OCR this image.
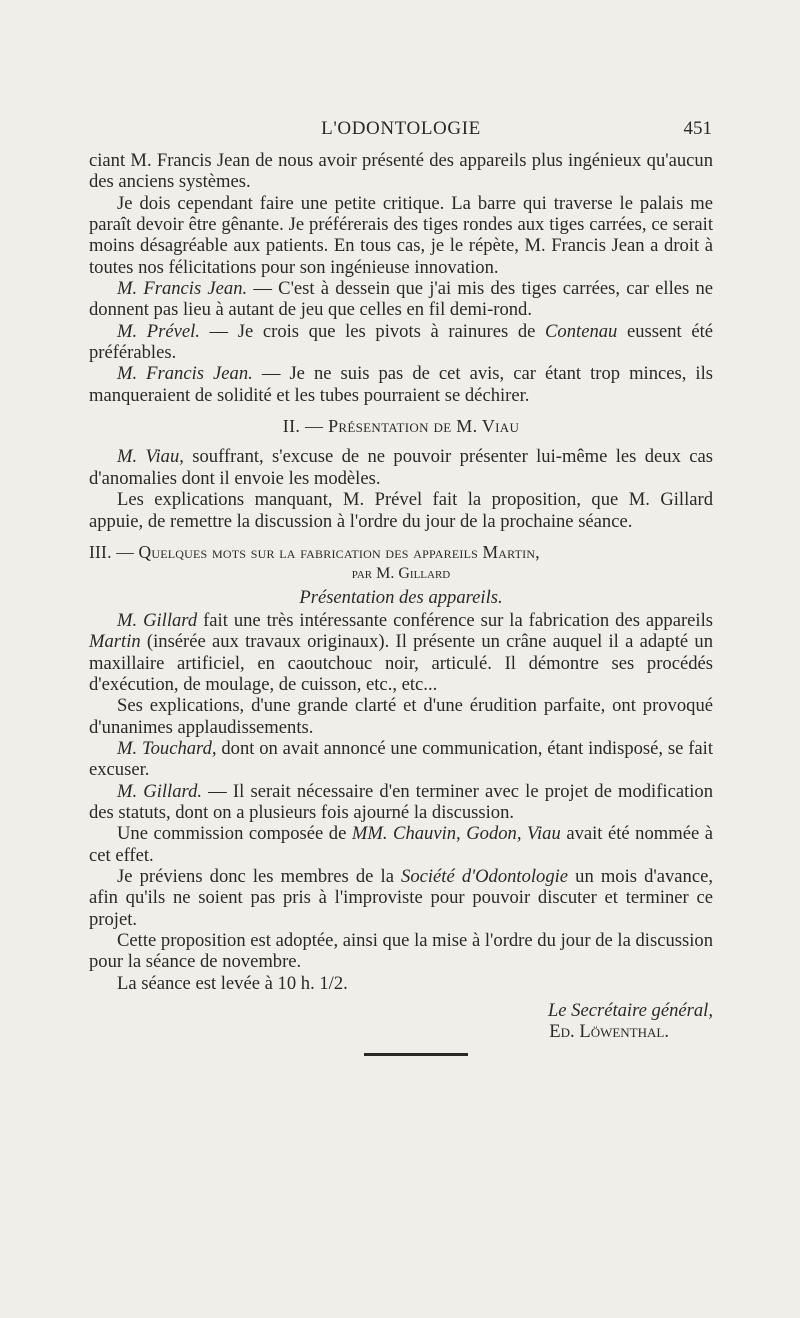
L'ODONTOLOGIE	451

ciant M. Francis Jean de nous avoir présenté des appareils plus ingénieux qu'aucun des anciens systèmes.

Je dois cependant faire une petite critique. La barre qui traverse le palais me paraît devoir être gênante. Je préférerais des tiges rondes aux tiges carrées, ce serait moins désagréable aux patients. En tous cas, je le répète, M. Francis Jean a droit à toutes nos félicitations pour son ingénieuse innovation.

M. Francis Jean. — C'est à dessein que j'ai mis des tiges carrées, car elles ne donnent pas lieu à autant de jeu que celles en fil demi-rond.

M. Prével. — Je crois que les pivots à rainures de Contenau eussent été préférables.

M. Francis Jean. — Je ne suis pas de cet avis, car étant trop minces, ils manqueraient de solidité et les tubes pourraient se déchirer.

II. — Présentation de M. Viau

M. Viau, souffrant, s'excuse de ne pouvoir présenter lui-même les deux cas d'anomalies dont il envoie les modèles.

Les explications manquant, M. Prével fait la proposition, que M. Gillard appuie, de remettre la discussion à l'ordre du jour de la prochaine séance.

III. — Quelques mots sur la fabrication des appareils Martin,

par M. Gillard

Présentation des appareils.

M. Gillard fait une très intéressante conférence sur la fabrication des appareils Martin (insérée aux travaux originaux). Il présente un crâne auquel il a adapté un maxillaire artificiel, en caoutchouc noir, articulé. Il démontre ses procédés d'exécution, de moulage, de cuisson, etc., etc...

Ses explications, d'une grande clarté et d'une érudition parfaite, ont provoqué d'unanimes applaudissements.

M. Touchard, dont on avait annoncé une communication, étant indisposé, se fait excuser.

M. Gillard. — Il serait nécessaire d'en terminer avec le projet de modification des statuts, dont on a plusieurs fois ajourné la discussion.

Une commission composée de MM. Chauvin, Godon, Viau avait été nommée à cet effet.

Je préviens donc les membres de la Société d'Odontologie un mois d'avance, afin qu'ils ne soient pas pris à l'improviste pour pouvoir discuter et terminer ce projet.

Cette proposition est adoptée, ainsi que la mise à l'ordre du jour de la discussion pour la séance de novembre.

La séance est levée à 10 h. 1/2.

Le Secrétaire général,

Ed. Löwenthal.
